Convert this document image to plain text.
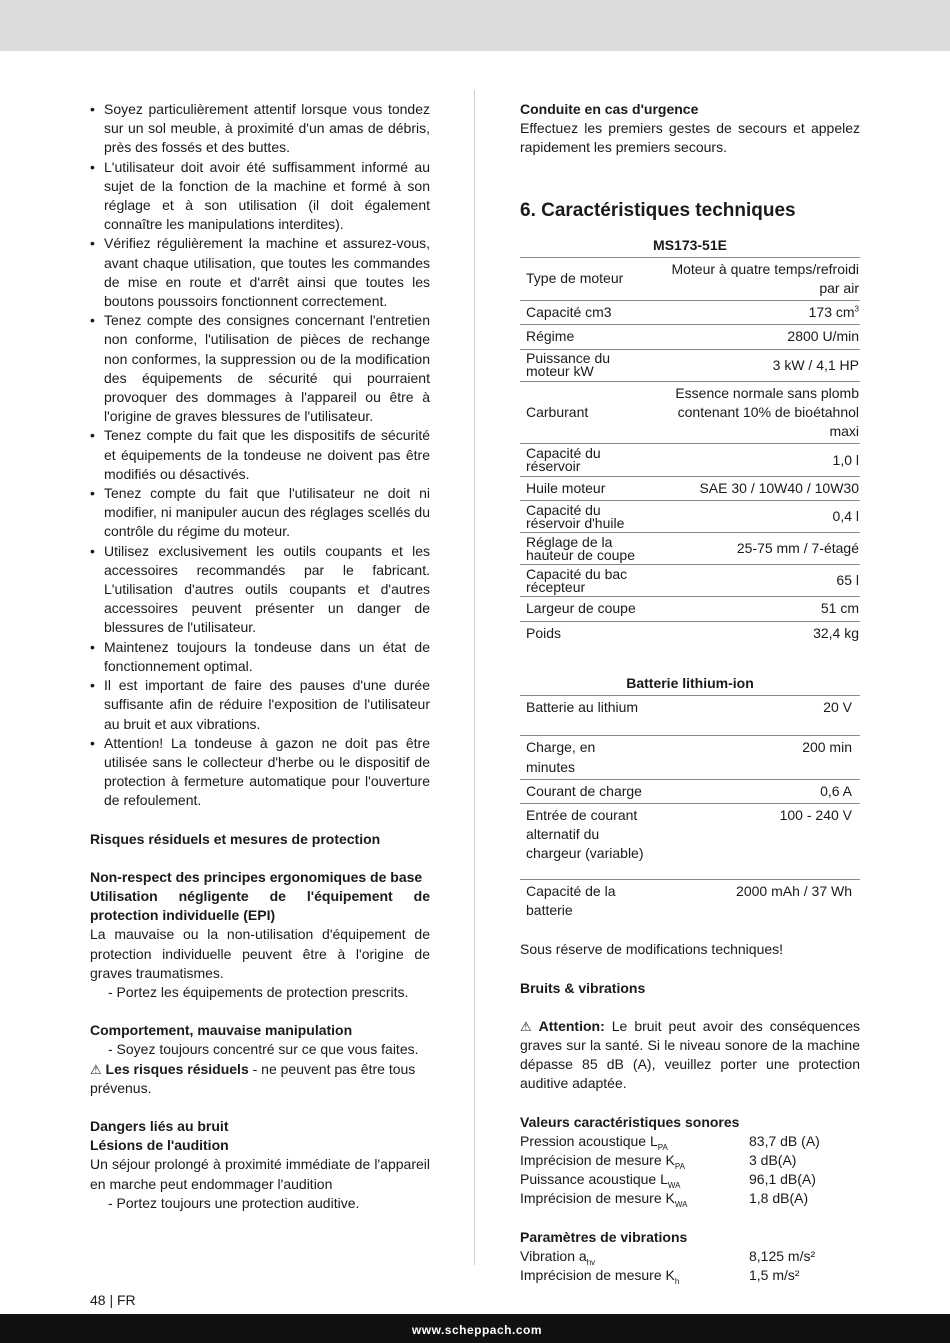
• Soyez particulièrement attentif lorsque vous tondez sur un sol meuble, à proximité d'un amas de débris, près des fossés et des buttes.
• L'utilisateur doit avoir été suffisamment informé au sujet de la fonction de la machine et formé à son réglage et à son utilisation (il doit également connaître les manipulations interdites).
• Vérifiez régulièrement la machine et assurez-vous, avant chaque utilisation, que toutes les commandes de mise en route et d'arrêt ainsi que toutes les boutons poussoirs fonctionnent correctement.
• Tenez compte des consignes concernant l'entretien non conforme, l'utilisation de pièces de rechange non conformes, la suppression ou de la modification des équipements de sécurité qui pourraient provoquer des dommages à l'appareil ou être à l'origine de graves blessures de l'utilisateur.
• Tenez compte du fait que les dispositifs de sécurité et équipements de la tondeuse ne doivent pas être modifiés ou désactivés.
• Tenez compte du fait que l'utilisateur ne doit ni modifier, ni manipuler aucun des réglages scellés du contrôle du régime du moteur.
• Utilisez exclusivement les outils coupants et les accessoires recommandés par le fabricant. L'utilisation d'autres outils coupants et d'autres accessoires peuvent présenter un danger de blessures de l'utilisateur.
• Maintenez toujours la tondeuse dans un état de fonctionnement optimal.
• Il est important de faire des pauses d'une durée suffisante afin de réduire l'exposition de l'utilisateur au bruit et aux vibrations.
• Attention! La tondeuse à gazon ne doit pas être utilisée sans le collecteur d'herbe ou le dispositif de protection à fermeture automatique pour l'ouverture de refoulement.

Risques résiduels et mesures de protection

Non-respect des principes ergonomiques de base

Utilisation négligente de l'équipement de protection individuelle (EPI)

La mauvaise ou la non-utilisation d'équipement de protection individuelle peuvent être à l'origine de graves traumatismes.

- Portez les équipements de protection prescrits.

Comportement, mauvaise manipulation

- Soyez toujours concentré sur ce que vous faites.

⚠ Les risques résiduels - ne peuvent pas être tous prévenus.

Dangers liés au bruit

Lésions de l'audition

Un séjour prolongé à proximité immédiate de l'appareil en marche peut endommager l'audition

- Portez toujours une protection auditive.

Conduite en cas d'urgence

Effectuez les premiers gestes de secours et appelez rapidement les premiers secours.

6. Caractéristiques techniques
MS173-51E	
Type de moteur	Moteur à quatre temps/refroidi par air
Capacité cm3	173 $cm^3$
Régime	2800 U/min
Puissance du moteur kW	3 kW / 4,1 HP
Carburant	Essence normale sans plomb contenant 10% de bioétahnol maxi
Capacité du réservoir	1,0 l
Huile moteur	SAE 30 / 10W40 / 10W30
Capacité du réservoir d'huile	0,4 l
Réglage de la hauteur de coupe	25-75 mm / 7-étagé
Capacité du bac récepteur	65 l
Largeur de coupe	51 cm
Poids	32,4 kg
Batterie lithium-ion	
Batterie au lithium	20 V
Charge, en minutes	200 min
Courant de charge	0,6 A
Entrée de courant alternatif du chargeur (variable)	100 - 240 V
Capacité de la batterie	2000 mAh / 37 Wh

Sous réserve de modifications techniques!

Bruits & vibrations

⚠ Attention: Le bruit peut avoir des conséquences graves sur la santé. Si le niveau sonore de la machine dépasse 85 dB (A), veuillez porter une protection auditive adaptée.

Valeurs caractéristiques sonores

Pression acoustique $L_{PA}$	83,7 dB (A)
Imprécision de mesure $K_{PA}$	3 dB(A)
Puissance acoustique $L_{WA}$	96,1 dB(A)
Imprécision de mesure $K_{WA}$	1,8 dB(A)

Paramètres de vibrations

Vibration $a_{hv}$	8,125 m/s²
Imprécision de mesure $K_h$	1,5 m/s²
48 | FR
www.scheppach.com
